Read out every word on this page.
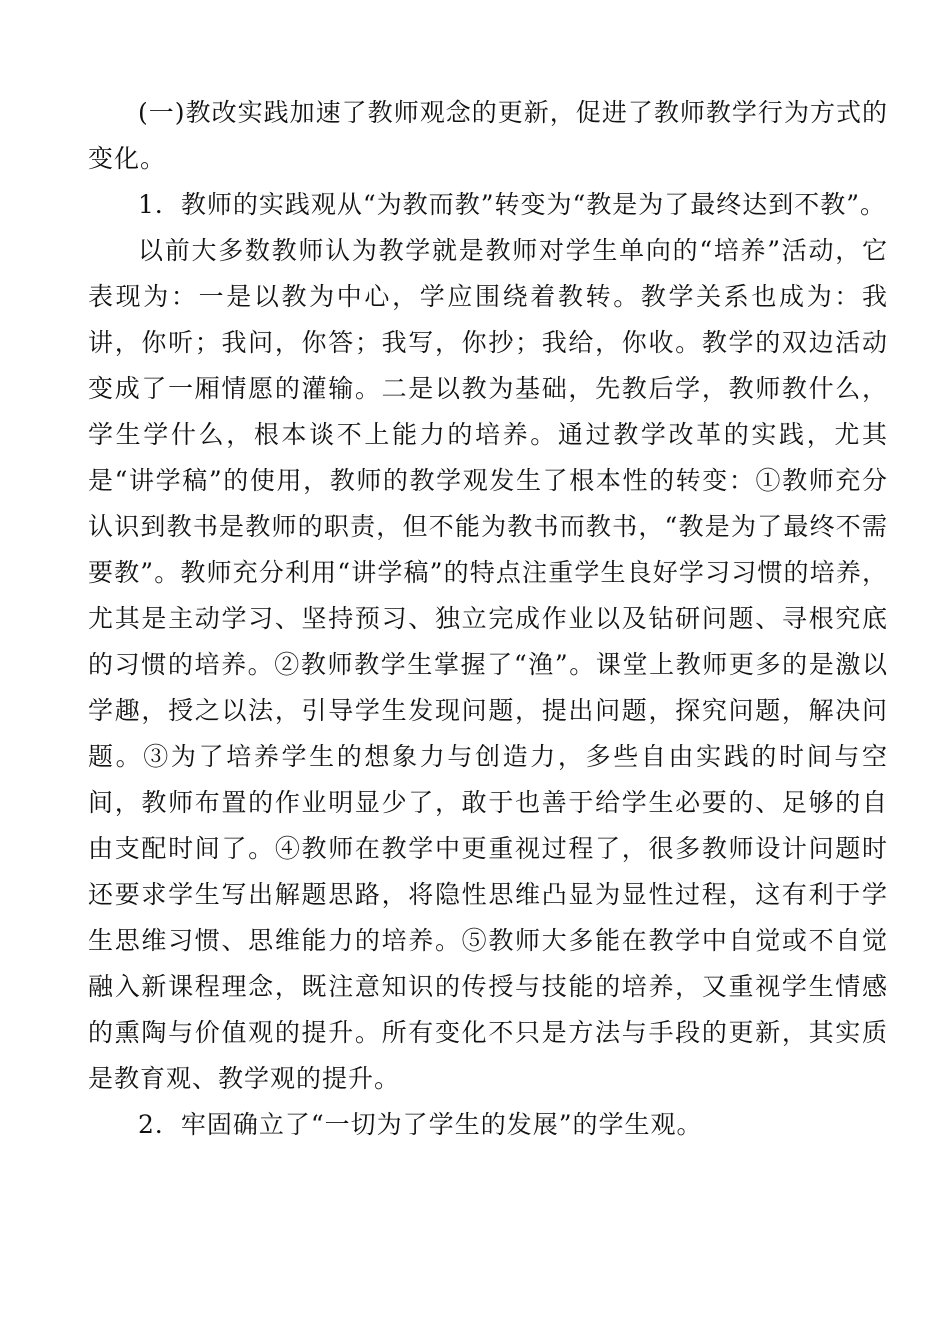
(一)教改实践加速了教师观念的更新，促进了教师教学行为方式的变化。

1．教师的实践观从“为教而教”转变为“教是为了最终达到不教”。

以前大多数教师认为教学就是教师对学生单向的“培养”活动，它表现为：一是以教为中心，学应围绕着教转。教学关系也成为：我讲，你听；我问，你答；我写，你抄；我给，你收。教学的双边活动变成了一厢情愿的灌输。二是以教为基础，先教后学，教师教什么，学生学什么，根本谈不上能力的培养。通过教学改革的实践，尤其是“讲学稿”的使用，教师的教学观发生了根本性的转变：①教师充分认识到教书是教师的职责，但不能为教书而教书，“教是为了最终不需要教”。教师充分利用“讲学稿”的特点注重学生良好学习习惯的培养，尤其是主动学习、坚持预习、独立完成作业以及钻研问题、寻根究底的习惯的培养。②教师教学生掌握了“渔”。课堂上教师更多的是激以学趣，授之以法，引导学生发现问题，提出问题，探究问题，解决问题。③为了培养学生的想象力与创造力，多些自由实践的时间与空间，教师布置的作业明显少了，敢于也善于给学生必要的、足够的自由支配时间了。④教师在教学中更重视过程了，很多教师设计问题时还要求学生写出解题思路，将隐性思维凸显为显性过程，这有利于学生思维习惯、思维能力的培养。⑤教师大多能在教学中自觉或不自觉融入新课程理念，既注意知识的传授与技能的培养，又重视学生情感的熏陶与价值观的提升。所有变化不只是方法与手段的更新，其实质是教育观、教学观的提升。

2．牢固确立了“一切为了学生的发展”的学生观。
